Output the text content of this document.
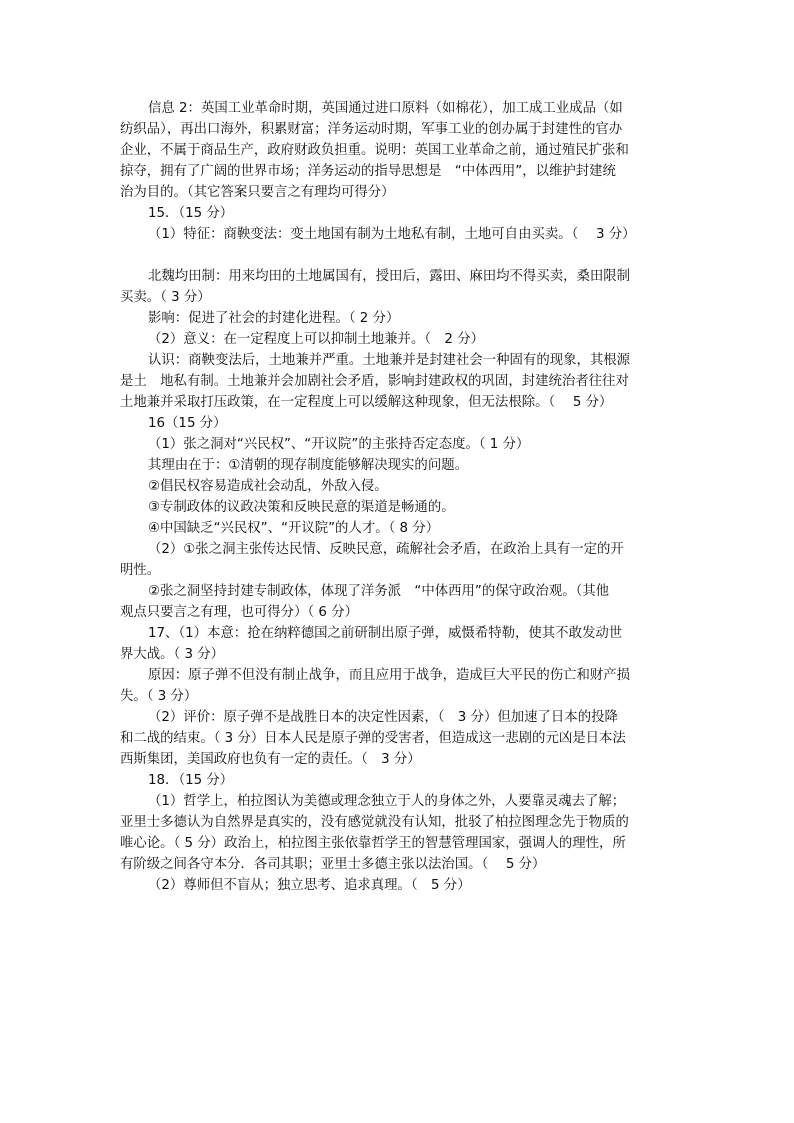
信息 2：英国工业革命时期，英国通过进口原料（如棉花），加工成工业成品（如
纺织品），再出口海外，积累财富；洋务运动时期，军事工业的创办属于封建性的官办
企业，不属于商品生产，政府财政负担重。说明：英国工业革命之前，通过殖民扩张和
掠夺，拥有了广阔的世界市场；洋务运动的指导思想是　“中体西用”，以维护封建统
治为目的。（其它答案只要言之有理均可得分）
15．（15 分）
（1）特征：商鞅变法：变土地国有制为土地私有制，土地可自由买卖。（　 3 分）
北魏均田制：用来均田的土地属国有，授田后，露田、麻田均不得买卖，桑田限制
买卖。（ 3 分）
影响：促进了社会的封建化进程。（ 2 分）
（2）意义：在一定程度上可以抑制土地兼并。（　2 分）
认识：商鞅变法后，土地兼并严重。土地兼并是封建社会一种固有的现象，其根源
是土　地私有制。土地兼并会加剧社会矛盾，影响封建政权的巩固，封建统治者往往对
土地兼并采取打压政策，在一定程度上可以缓解这种现象，但无法根除。（　 5 分）
16（15 分）
（1）张之洞对“兴民权”、“开议院”的主张持否定态度。（ 1 分）
其理由在于：①清朝的现存制度能够解决现实的问题。
②倡民权容易造成社会动乱，外敌入侵。
③专制政体的议政决策和反映民意的渠道是畅通的。
④中国缺乏“兴民权”、“开议院”的人才。（ 8 分）
（2）①张之洞主张传达民情、反映民意，疏解社会矛盾，在政治上具有一定的开
明性。
②张之洞坚持封建专制政体，体现了洋务派　“中体西用”的保守政治观。（其他
观点只要言之有理，也可得分）（ 6 分）
17、（1）本意：抢在纳粹德国之前研制出原子弹，威慑希特勒，使其不敢发动世
界大战。（ 3 分）
原因：原子弹不但没有制止战争，而且应用于战争，造成巨大平民的伤亡和财产损
失。（ 3 分）
（2）评价：原子弹不是战胜日本的决定性因素，（　3 分）但加速了日本的投降
和二战的结束。（ 3 分）日本人民是原子弹的受害者，但造成这一悲剧的元凶是日本法
西斯集团，美国政府也负有一定的责任。（　3 分）
18．（15 分）
（1）哲学上，柏拉图认为美德或理念独立于人的身体之外，人要靠灵魂去了解；
亚里士多德认为自然界是真实的，没有感觉就没有认知，批驳了柏拉图理念先于物质的
唯心论。（ 5 分）政治上，柏拉图主张依靠哲学王的智慧管理国家，强调人的理性，所
有阶级之间各守本分．各司其职；亚里士多德主张以法治国。（　 5 分）
（2）尊师但不盲从；独立思考、追求真理。（　5 分）
